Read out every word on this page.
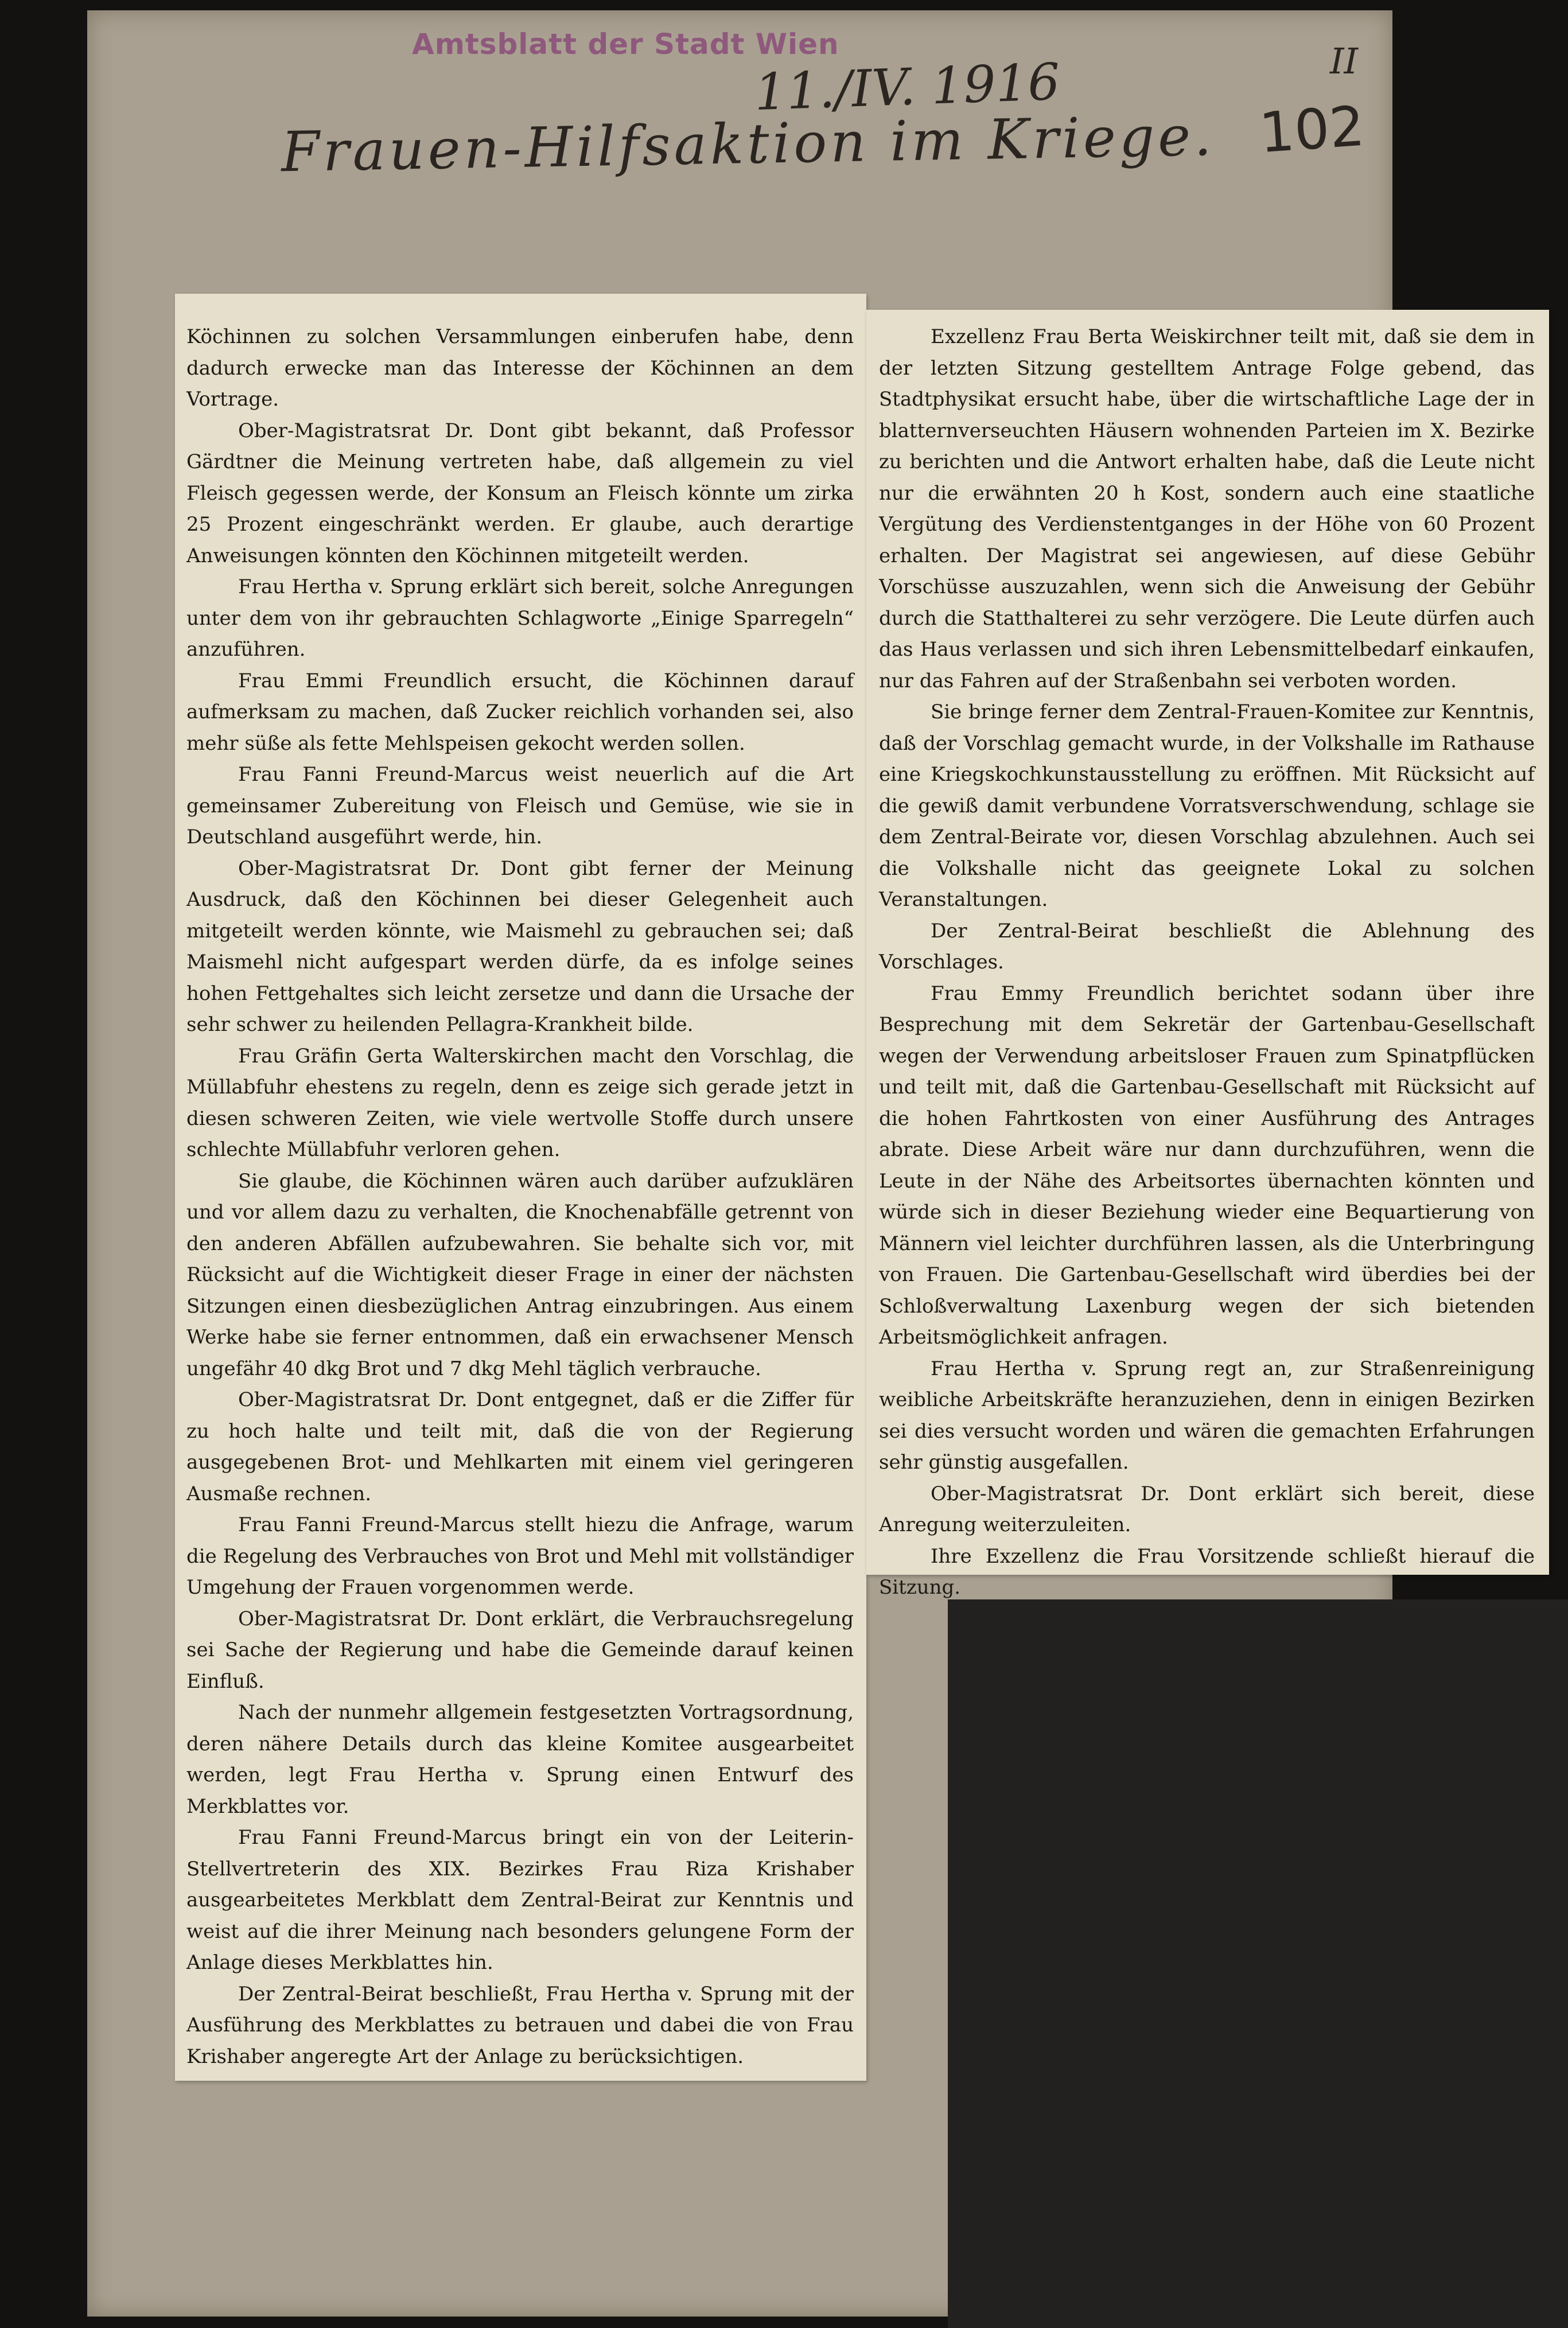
Amtsblatt der Stadt Wien
11./IV. 1916	II
102
Frauen-Hilfsaktion im Kriege.

Köchinnen zu solchen Versammlungen einberufen habe, denn dadurch erwecke man das Interesse der Köchinnen an dem Vortrage.

Ober-Magistratsrat Dr. Dont gibt bekannt, daß Professor Gärdtner die Meinung vertreten habe, daß allgemein zu viel Fleisch gegessen werde, der Konsum an Fleisch könnte um zirka 25 Prozent eingeschränkt werden. Er glaube, auch derartige Anweisungen könnten den Köchinnen mitgeteilt werden.

Frau Hertha v. Sprung erklärt sich bereit, solche Anregungen unter dem von ihr gebrauchten Schlagworte „Einige Sparregeln“ anzuführen.

Frau Emmi Freundlich ersucht, die Köchinnen darauf aufmerksam zu machen, daß Zucker reichlich vorhanden sei, also mehr süße als fette Mehlspeisen gekocht werden sollen.

Frau Fanni Freund-Marcus weist neuerlich auf die Art gemeinsamer Zubereitung von Fleisch und Gemüse, wie sie in Deutschland ausgeführt werde, hin.

Ober-Magistratsrat Dr. Dont gibt ferner der Meinung Ausdruck, daß den Köchinnen bei dieser Gelegenheit auch mitgeteilt werden könnte, wie Maismehl zu gebrauchen sei; daß Maismehl nicht aufgespart werden dürfe, da es infolge seines hohen Fettgehaltes sich leicht zersetze und dann die Ursache der sehr schwer zu heilenden Pellagra-Krankheit bilde.

Frau Gräfin Gerta Walterskirchen macht den Vorschlag, die Müllabfuhr ehestens zu regeln, denn es zeige sich gerade jetzt in diesen schweren Zeiten, wie viele wertvolle Stoffe durch unsere schlechte Müllabfuhr verloren gehen.

Sie glaube, die Köchinnen wären auch darüber aufzuklären und vor allem dazu zu verhalten, die Knochenabfälle getrennt von den anderen Abfällen aufzubewahren. Sie behalte sich vor, mit Rücksicht auf die Wichtigkeit dieser Frage in einer der nächsten Sitzungen einen diesbezüglichen Antrag einzubringen. Aus einem Werke habe sie ferner entnommen, daß ein erwachsener Mensch ungefähr 40 dkg Brot und 7 dkg Mehl täglich verbrauche.

Ober-Magistratsrat Dr. Dont entgegnet, daß er die Ziffer für zu hoch halte und teilt mit, daß die von der Regierung ausgegebenen Brot- und Mehlkarten mit einem viel geringeren Ausmaße rechnen.

Frau Fanni Freund-Marcus stellt hiezu die Anfrage, warum die Regelung des Verbrauches von Brot und Mehl mit vollständiger Umgehung der Frauen vorgenommen werde.

Ober-Magistratsrat Dr. Dont erklärt, die Verbrauchsregelung sei Sache der Regierung und habe die Gemeinde darauf keinen Einfluß.

Nach der nunmehr allgemein festgesetzten Vortragsordnung, deren nähere Details durch das kleine Komitee ausgearbeitet werden, legt Frau Hertha v. Sprung einen Entwurf des Merkblattes vor.

Frau Fanni Freund-Marcus bringt ein von der Leiterin-Stellvertreterin des XIX. Bezirkes Frau Riza Krishaber ausgearbeitetes Merkblatt dem Zentral-Beirat zur Kenntnis und weist auf die ihrer Meinung nach besonders gelungene Form der Anlage dieses Merkblattes hin.

Der Zentral-Beirat beschließt, Frau Hertha v. Sprung mit der Ausführung des Merkblattes zu betrauen und dabei die von Frau Krishaber angeregte Art der Anlage zu berücksichtigen.

Exzellenz Frau Berta Weiskirchner teilt mit, daß sie dem in der letzten Sitzung gestelltem Antrage Folge gebend, das Stadtphysikat ersucht habe, über die wirtschaftliche Lage der in blatternverseuchten Häusern wohnenden Parteien im X. Bezirke zu berichten und die Antwort erhalten habe, daß die Leute nicht nur die erwähnten 20 h Kost, sondern auch eine staatliche Vergütung des Verdienstentganges in der Höhe von 60 Prozent erhalten. Der Magistrat sei angewiesen, auf diese Gebühr Vorschüsse auszuzahlen, wenn sich die Anweisung der Gebühr durch die Statthalterei zu sehr verzögere. Die Leute dürfen auch das Haus verlassen und sich ihren Lebensmittelbedarf einkaufen, nur das Fahren auf der Straßenbahn sei verboten worden.

Sie bringe ferner dem Zentral-Frauen-Komitee zur Kenntnis, daß der Vorschlag gemacht wurde, in der Volkshalle im Rathause eine Kriegskochkunstausstellung zu eröffnen. Mit Rücksicht auf die gewiß damit verbundene Vorratsverschwendung, schlage sie dem Zentral-Beirate vor, diesen Vorschlag abzulehnen. Auch sei die Volkshalle nicht das geeignete Lokal zu solchen Veranstaltungen.

Der Zentral-Beirat beschließt die Ablehnung des Vorschlages.

Frau Emmy Freundlich berichtet sodann über ihre Besprechung mit dem Sekretär der Gartenbau-Gesellschaft wegen der Verwendung arbeitsloser Frauen zum Spinatpflücken und teilt mit, daß die Gartenbau-Gesellschaft mit Rücksicht auf die hohen Fahrtkosten von einer Ausführung des Antrages abrate. Diese Arbeit wäre nur dann durchzuführen, wenn die Leute in der Nähe des Arbeitsortes übernachten könnten und würde sich in dieser Beziehung wieder eine Bequartierung von Männern viel leichter durchführen lassen, als die Unterbringung von Frauen. Die Gartenbau-Gesellschaft wird überdies bei der Schloßverwaltung Laxenburg wegen der sich bietenden Arbeitsmöglichkeit anfragen.

Frau Hertha v. Sprung regt an, zur Straßenreinigung weibliche Arbeitskräfte heranzuziehen, denn in einigen Bezirken sei dies versucht worden und wären die gemachten Erfahrungen sehr günstig ausgefallen.

Ober-Magistratsrat Dr. Dont erklärt sich bereit, diese Anregung weiterzuleiten.

Ihre Exzellenz die Frau Vorsitzende schließt hierauf die Sitzung.
